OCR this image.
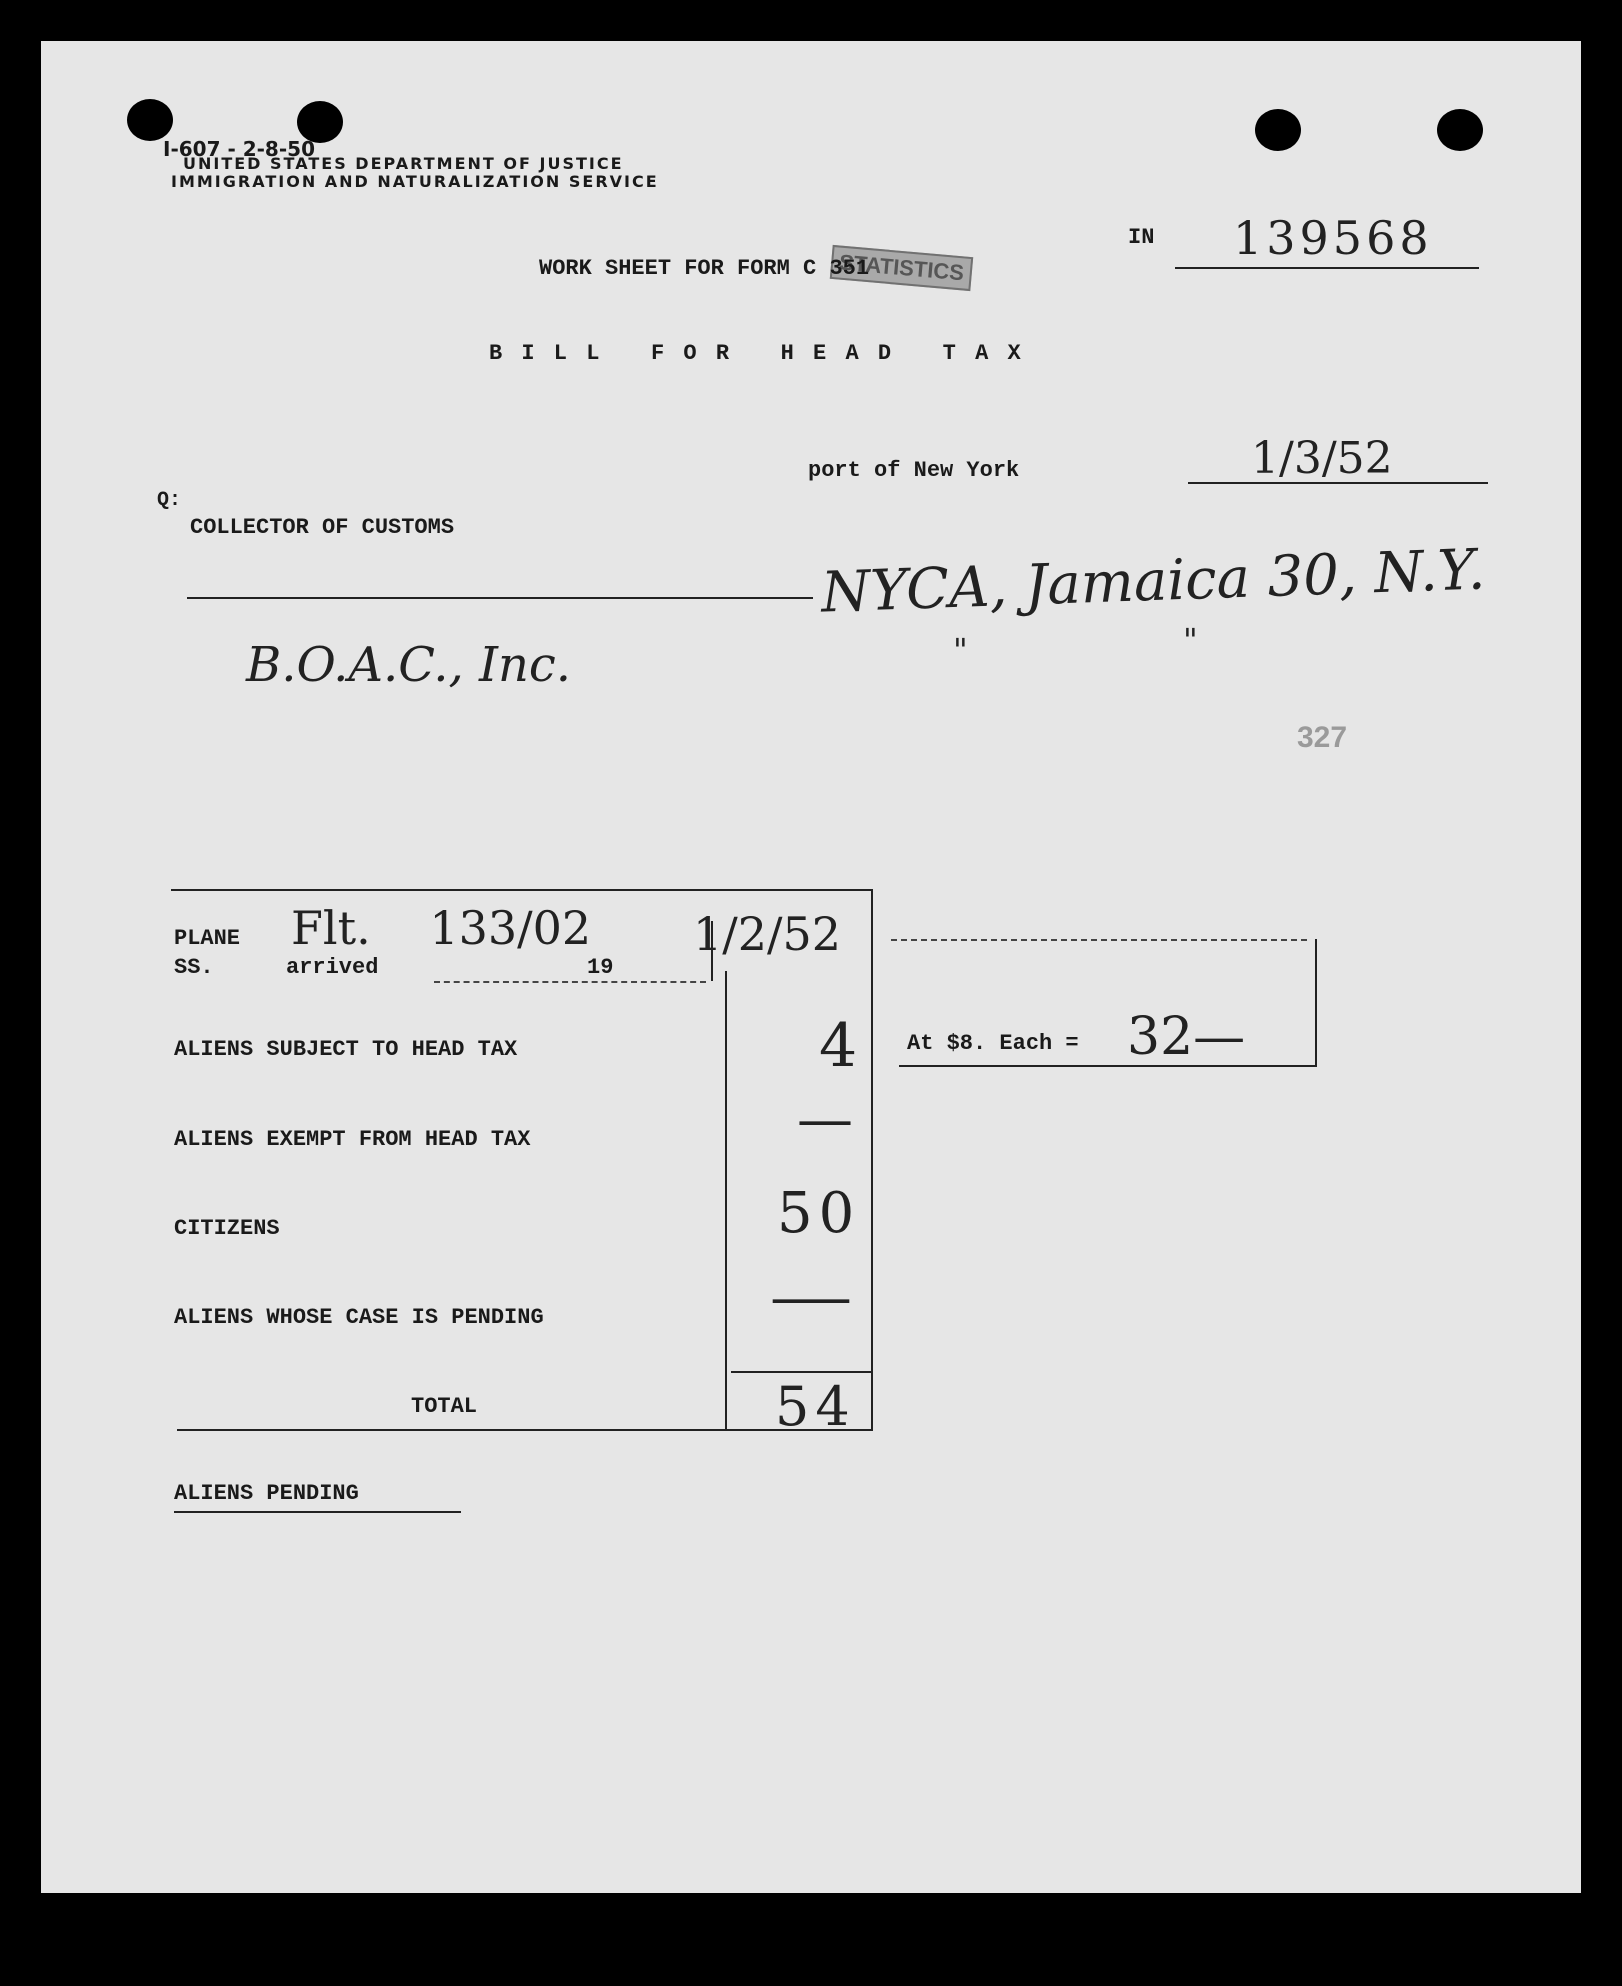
I-607 - 2-8-50
UNITED STATES DEPARTMENT OF JUSTICE
IMMIGRATION AND NATURALIZATION SERVICE
STATISTICS
IN 139568
WORK SHEET FOR FORM C 351
B I L L   F O R   H E A D   T A X
port of New York	1/3/52
Q:
COLLECTOR OF CUSTOMS
NYCA, Jamaica 30, N.Y.
"	"
B.O.A.C., Inc.
327
PLANE
SS.	arrived	19
Flt. 133/02 1/2/52
ALIENS SUBJECT TO HEAD TAX	4
ALIENS EXEMPT FROM HEAD TAX	—
CITIZENS	50
ALIENS WHOSE CASE IS PENDING	—
TOTAL	54
At $8. Each = 32—
ALIENS PENDING
